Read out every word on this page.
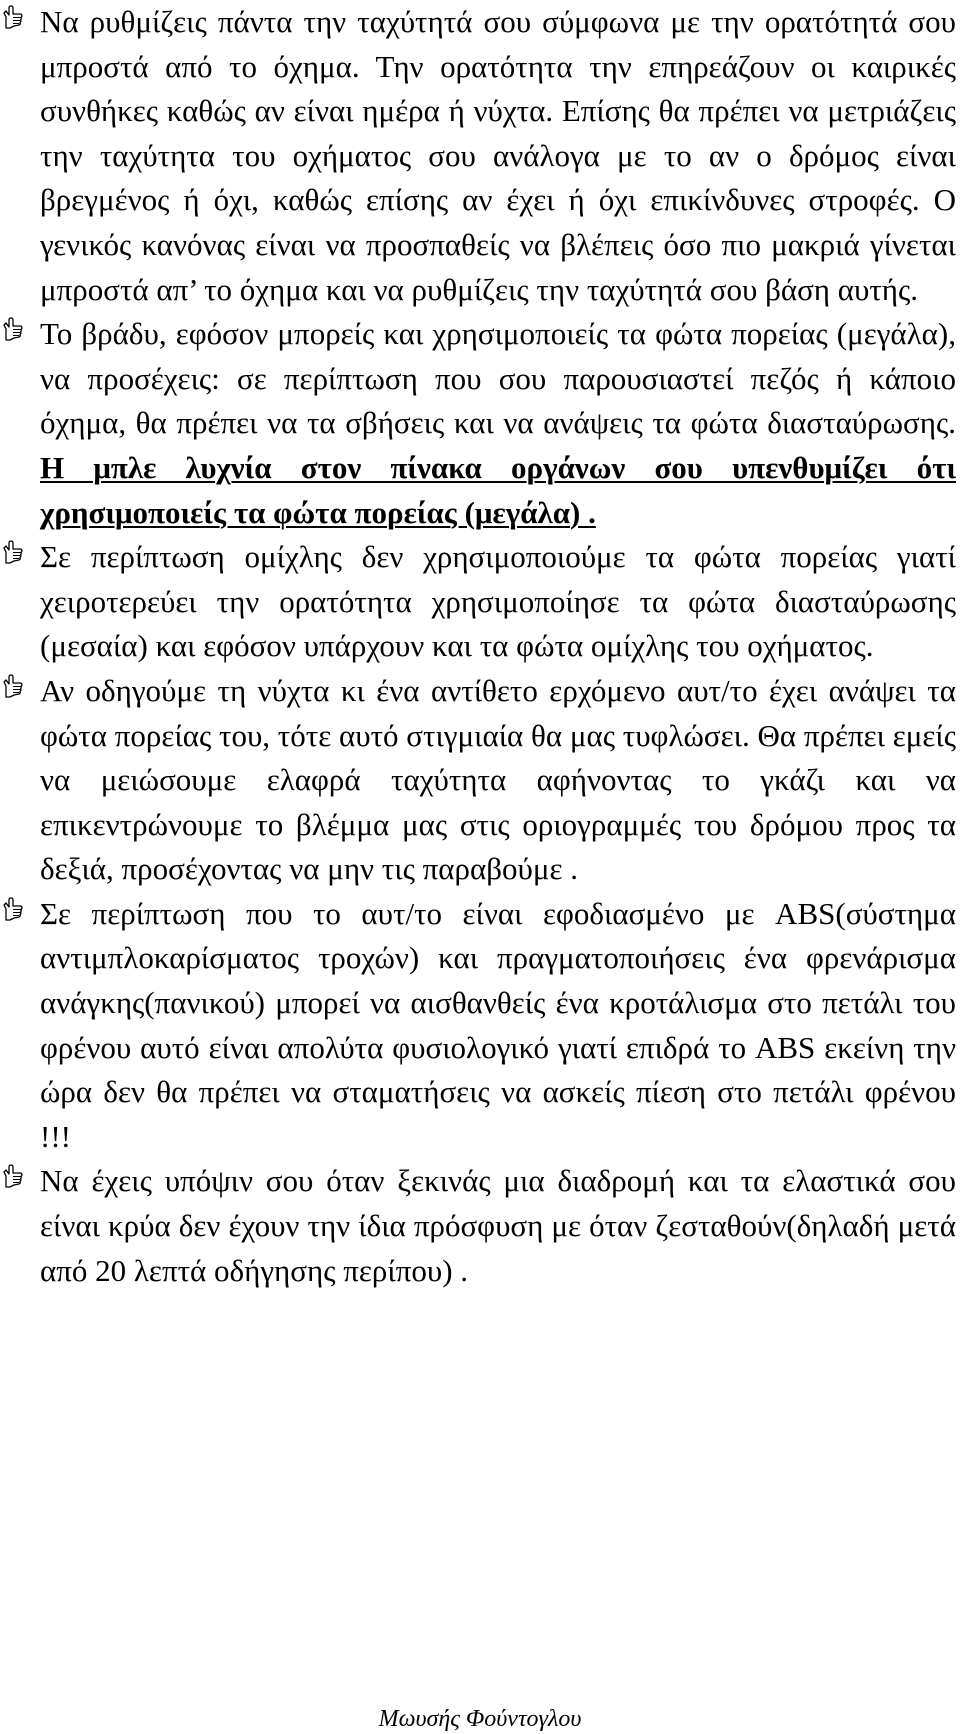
Να ρυθμίζεις πάντα την ταχύτητά σου σύμφωνα με την ορατότητά σου μπροστά από το όχημα. Την ορατότητα την επηρεάζουν οι καιρικές συνθήκες καθώς αν είναι ημέρα ή νύχτα. Επίσης θα πρέπει να μετριάζεις την ταχύτητα του οχήματος σου ανάλογα με το αν ο δρόμος είναι βρεγμένος ή όχι, καθώς επίσης αν έχει ή όχι επικίνδυνες στροφές. Ο γενικός κανόνας είναι να προσπαθείς να βλέπεις όσο πιο μακριά γίνεται μπροστά απ’ το όχημα και να ρυθμίζεις την ταχύτητά σου βάση αυτής.
Το βράδυ, εφόσον μπορείς και χρησιμοποιείς τα φώτα πορείας (μεγάλα), να προσέχεις: σε περίπτωση που σου παρουσιαστεί πεζός ή κάποιο όχημα, θα πρέπει να τα σβήσεις και να ανάψεις τα φώτα διασταύρωσης. Η μπλε λυχνία στον πίνακα οργάνων σου υπενθυμίζει ότι χρησιμοποιείς τα φώτα πορείας (μεγάλα) .
Σε περίπτωση ομίχλης δεν χρησιμοποιούμε τα φώτα πορείας γιατί χειροτερεύει την ορατότητα χρησιμοποίησε τα φώτα διασταύρωσης (μεσαία) και εφόσον υπάρχουν και τα φώτα ομίχλης του οχήματος.
Αν οδηγούμε τη νύχτα κι ένα αντίθετο ερχόμενο αυτ/το έχει ανάψει τα φώτα πορείας του, τότε αυτό στιγμιαία θα μας τυφλώσει. Θα πρέπει εμείς να μειώσουμε ελαφρά ταχύτητα αφήνοντας το γκάζι και να επικεντρώνουμε το βλέμμα μας στις οριογραμμές του δρόμου προς τα δεξιά, προσέχοντας να μην τις παραβούμε .
Σε περίπτωση που το αυτ/το είναι εφοδιασμένο με ABS(σύστημα αντιμπλοκαρίσματος τροχών) και πραγματοποιήσεις ένα φρενάρισμα ανάγκης(πανικού) μπορεί να αισθανθείς ένα κροτάλισμα στο πετάλι του φρένου αυτό είναι απολύτα φυσιολογικό γιατί επιδρά το ABS εκείνη την ώρα δεν θα πρέπει να σταματήσεις να ασκείς πίεση στο πετάλι φρένου !!!
Να έχεις υπόψιν σου όταν ξεκινάς μια διαδρομή και τα ελαστικά σου είναι κρύα δεν έχουν την ίδια πρόσφυση με όταν ζεσταθούν(δηλαδή μετά από 20 λεπτά οδήγησης περίπου) .
Μωυσής Φούντογλου
